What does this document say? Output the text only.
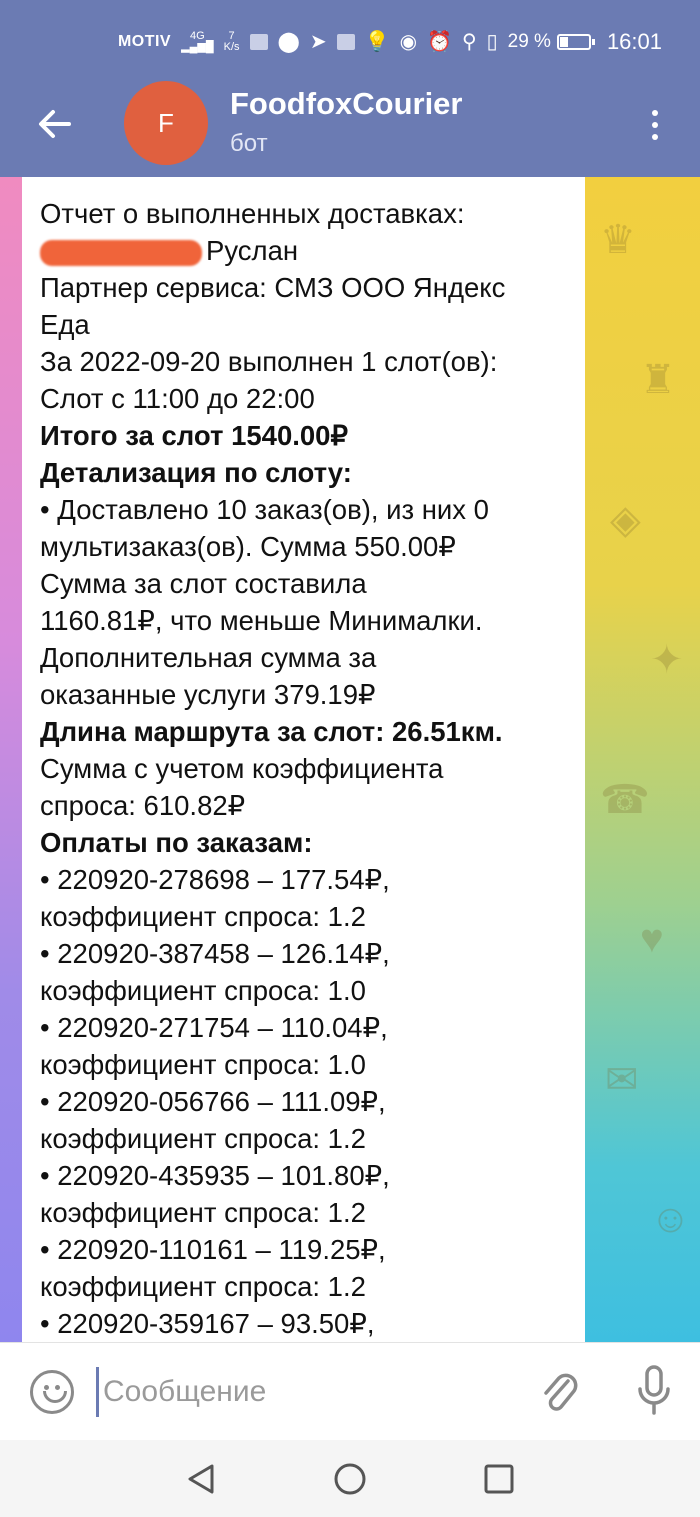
MOTIV 4G
▂▄▆█
7
K/s ⬤ ➤ 💡 ◉ ⏰ ⚲ ▯ 29 %	16:01
F
FoodfoxCourier
бот
♛
♜
◈
✦
☎
♥
✉
☺
Отчет о выполненных доставках:
Руслан
Партнер сервиса: СМЗ ООО Яндекс
Еда
За 2022-09-20 выполнен 1 слот(ов):
Слот с 11:00 до 22:00
Итого за слот 1540.00₽
Детализация по слоту:
• Доставлено 10 заказ(ов), из них 0
мультизаказ(ов). Сумма 550.00₽
Сумма за слот составила
1160.81₽, что меньше Минималки.
Дополнительная сумма за
оказанные услуги 379.19₽
Длина маршрута за слот: 26.51км.
Сумма с учетом коэффициента
спроса: 610.82₽
Оплаты по заказам:
• 220920-278698 – 177.54₽,
коэффициент спроса: 1.2
• 220920-387458 – 126.14₽,
коэффициент спроса: 1.0
• 220920-271754 – 110.04₽,
коэффициент спроса: 1.0
• 220920-056766 – 111.09₽,
коэффициент спроса: 1.2
• 220920-435935 – 101.80₽,
коэффициент спроса: 1.2
• 220920-110161 – 119.25₽,
коэффициент спроса: 1.2
• 220920-359167 – 93.50₽,
Сообщение
